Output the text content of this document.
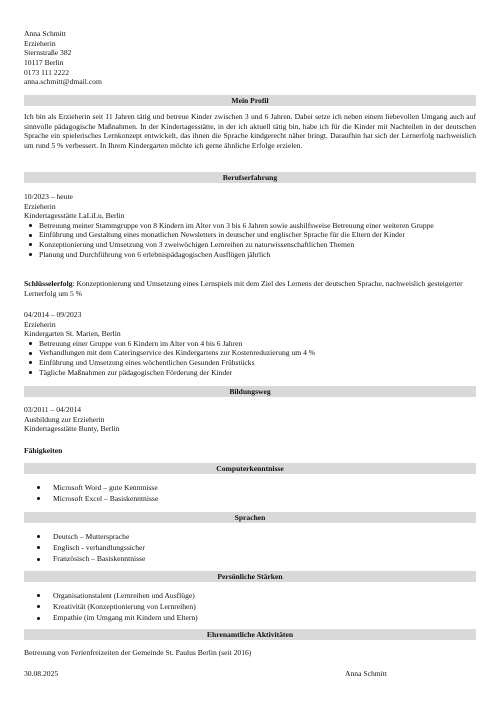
Anna Schmitt
Erzieherin
Sternstraße 382
10117 Berlin
0173 111 2222
anna.schmitt@dmail.com
Mein Profil
Ich bin als Erzieherin seit 11 Jahren tätig und betreue Kinder zwischen 3 und 6 Jahren. Dabei setze ich neben einem liebevollen Umgang auch auf sinnvolle pädagogische Maßnahmen. In der Kindertagesstätte, in der ich aktuell tätig bin, habe ich für die Kinder mit Nachteilen in der deutschen Sprache ein spielerisches Lernkonzept entwickelt, das ihnen die Sprache kindgerecht näher bringt. Daraufhin hat sich der Lernerfolg nachweislich um rund 5 % verbessert. In Ihrem Kindergarten möchte ich gerne ähnliche Erfolge erzielen.
Berufserfahrung
10/2023 – heute
Erzieherin
Kindertagesstätte LaLiLu, Berlin
Betreuung meiner Stammgruppe von 8 Kindern im Alter von 3 bis 6 Jahren sowie aushilfsweise Betreuung einer weiteren Gruppe
Einführung und Gestaltung eines monatlichen Newsletters in deutscher und englischer Sprache für die Eltern der Kinder
Konzeptionierung und Umsetzung von 3 zweiwöchigen Lernreihen zu naturwissenschaftlichen Themen
Planung und Durchführung von 6 erlebnispädagogischen Ausflügen jährlich
Schlüsselerfolg: Konzeptionierung und Umsetzung eines Lernspiels mit dem Ziel des Lernens der deutschen Sprache, nachweislich gesteigerter Lernerfolg um 5 %
04/2014 – 09/2023
Erzieherin
Kindergarten St. Marien, Berlin
Betreuung einer Gruppe von 6 Kindern im Alter von 4 bis 6 Jahren
Verhandlungen mit dem Cateringservice des Kindergartens zur Kostenreduzierung um 4 %
Einführung und Umsetzung eines wöchentlichen Gesunden Frühstücks
Tägliche Maßnahmen zur pädagogischen Förderung der Kinder
Bildungsweg
03/2011 – 04/2014
Ausbildung zur Erzieherin
Kindertagesstätte Bunty, Berlin
Fähigkeiten
Computerkenntnisse
Microsoft Word – gute Kenntnisse
Microsoft Excel – Basiskenntnisse
Sprachen
Deutsch – Muttersprache
Englisch - verhandlungssicher
Französisch – Basiskenntnisse
Persönliche Stärken
Organisationstalent (Lernreihen und Ausflüge)
Kreativität (Konzeptionierung von Lernreihen)
Empathie (im Umgang mit Kindern und Eltern)
Ehrenamtliche Aktivitäten
Betreuung von Ferienfreizeiten der Gemeinde St. Paulus Berlin (seit 2016)
30.08.2025	Anna Schmitt
